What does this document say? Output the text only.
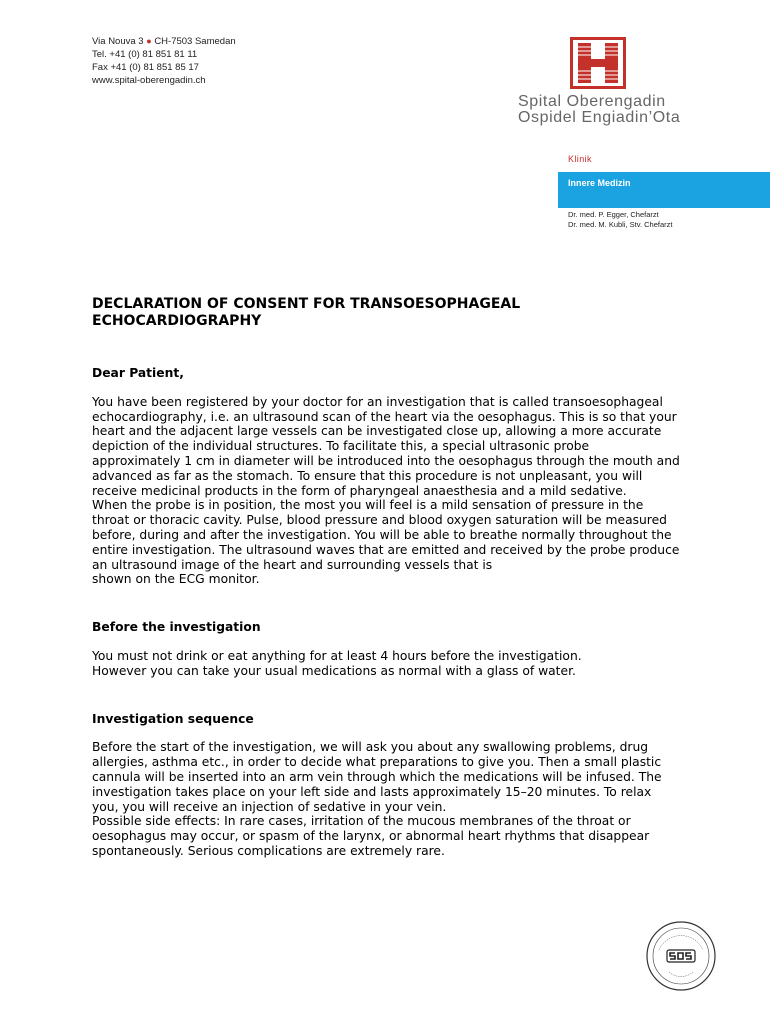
Via Nouva 3 ● CH-7503 Samedan
Tel. +41 (0) 81 851 81 11
Fax +41 (0) 81 851 85 17
www.spital-oberengadin.ch
Spital Oberengadin
Ospidel Engiadin’Ota
Klinik
Innere Medizin
Dr. med. P. Egger, Chefarzt
Dr. med. M. Kubli, Stv. Chefarzt
DECLARATION OF CONSENT FOR TRANSOESOPHAGEAL
ECHOCARDIOGRAPHY
Dear Patient,

You have been registered by your doctor for an investigation that is called transoesophageal
echocardiography, i.e. an ultrasound scan of the heart via the oesophagus. This is so that your
heart and the adjacent large vessels can be investigated close up, allowing a more accurate
depiction of the individual structures. To facilitate this, a special ultrasonic probe
approximately 1 cm in diameter will be introduced into the oesophagus through the mouth and
advanced as far as the stomach. To ensure that this procedure is not unpleasant, you will
receive medicinal products in the form of pharyngeal anaesthesia and a mild sedative.
When the probe is in position, the most you will feel is a mild sensation of pressure in the
throat or thoracic cavity. Pulse, blood pressure and blood oxygen saturation will be measured
before, during and after the investigation. You will be able to breathe normally throughout the
entire investigation. The ultrasound waves that are emitted and received by the probe produce
an ultrasound image of the heart and surrounding vessels that is
shown on the ECG monitor.

Before the investigation

You must not drink or eat anything for at least 4 hours before the investigation.
However you can take your usual medications as normal with a glass of water.

Investigation sequence

Before the start of the investigation, we will ask you about any swallowing problems, drug
allergies, asthma etc., in order to decide what preparations to give you. Then a small plastic
cannula will be inserted into an arm vein through which the medications will be infused. The
investigation takes place on your left side and lasts approximately 15–20 minutes. To relax
you, you will receive an injection of sedative in your vein.
Possible side effects: In rare cases, irritation of the mucous membranes of the throat or
oesophagus may occur, or spasm of the larynx, or abnormal heart rhythms that disappear
spontaneously. Serious complications are extremely rare.
